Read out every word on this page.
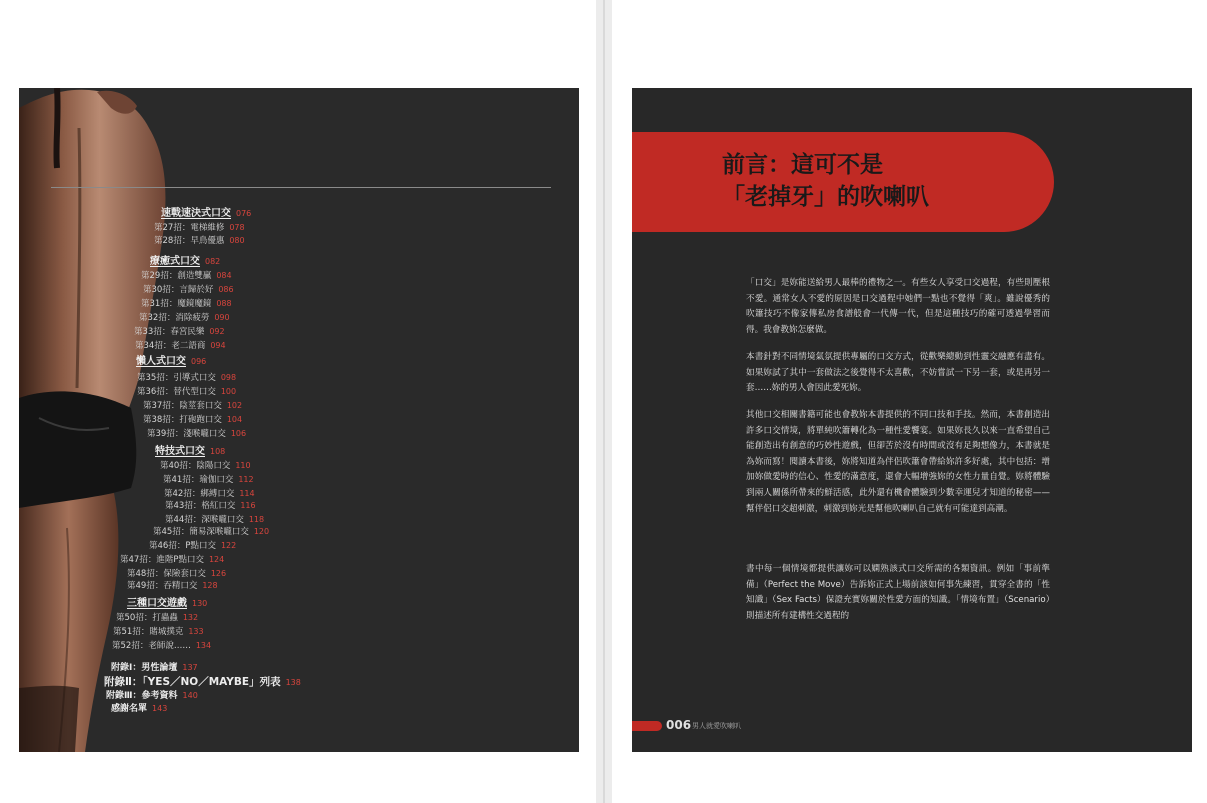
速戰速決式口交 076
第27招：電梯維修 078
第28招：早鳥優惠 080
療癒式口交 082
第29招：創造雙贏 084
第30招：言歸於好 086
第31招：魔鏡魔鏡 088
第32招：消除疲勞 090
第33招：春宮民樂 092
第34招：老二語商 094
懶人式口交 096
第35招：引導式口交 098
第36招：替代型口交 100
第37招：陰莖套口交 102
第38招：打砲跑口交 104
第39招：淺喉嚨口交 106
特技式口交 108
第40招：陰陽口交 110
第41招：瑜伽口交 112
第42招：綁縛口交 114
第43招：格紅口交 116
第44招：深喉嚨口交 118
第45招：簡易深喉嚨口交 120
第46招：P點口交 122
第47招：進階P點口交 124
第48招：保險套口交 126
第49招：吞精口交 128
三種口交遊戲 130
第50招：打蟲蟲 132
第51招：賭城撲克 133
第52招：老師說…… 134
附錄Ⅰ：男性論壇 137
附錄Ⅱ：「YES／NO／MAYBE」列表 138
附錄Ⅲ：參考資料 140
感謝名單 143
前言：這可不是
「老掉牙」的吹喇叭

「口交」是妳能送給男人最棒的禮物之一。有些女人享受口交過程，有些則壓根不愛。通常女人不愛的原因是口交過程中她們一點也不覺得「爽」。雖說優秀的吹簫技巧不像家傳私房食譜般會一代傳一代，但是這種技巧的確可透過學習而得。我會教妳怎麼做。

本書針對不同情境氣氛提供專屬的口交方式，從歡樂總動到性靈交融應有盡有。如果妳試了其中一套做法之後覺得不太喜歡，不妨嘗試一下另一套，或是再另一套……妳的男人會因此愛死妳。

其他口交相關書籍可能也會教妳本書提供的不同口技和手技。然而，本書創造出許多口交情境，將單純吹簫轉化為一種性愛饗宴。如果妳長久以來一直希望自己能創造出有創意的巧妙性遊戲，但卻苦於沒有時間或沒有足夠想像力，本書就是為妳而寫！閱讀本書後，妳將知道為伴侶吹簫會帶給妳許多好處，其中包括：增加妳做愛時的信心、性愛的滿意度，還會大幅增強妳的女性力量自覺。妳將體驗到兩人關係所帶來的鮮活感，此外還有機會體驗到少數幸運兒才知道的秘密——幫伴侶口交超刺激，刺激到妳光是幫他吹喇叭自己就有可能達到高潮。

書中每一個情境都提供讓妳可以嫻熟該式口交所需的各類資訊。例如「事前準備」（Perfect the Move）告訴妳正式上場前該如何事先練習，貫穿全書的「性知識」（Sex Facts）保證充實妳關於性愛方面的知識。「情境布置」（Scenario）則描述所有建構性交過程的

006 男人就愛吹喇叭
